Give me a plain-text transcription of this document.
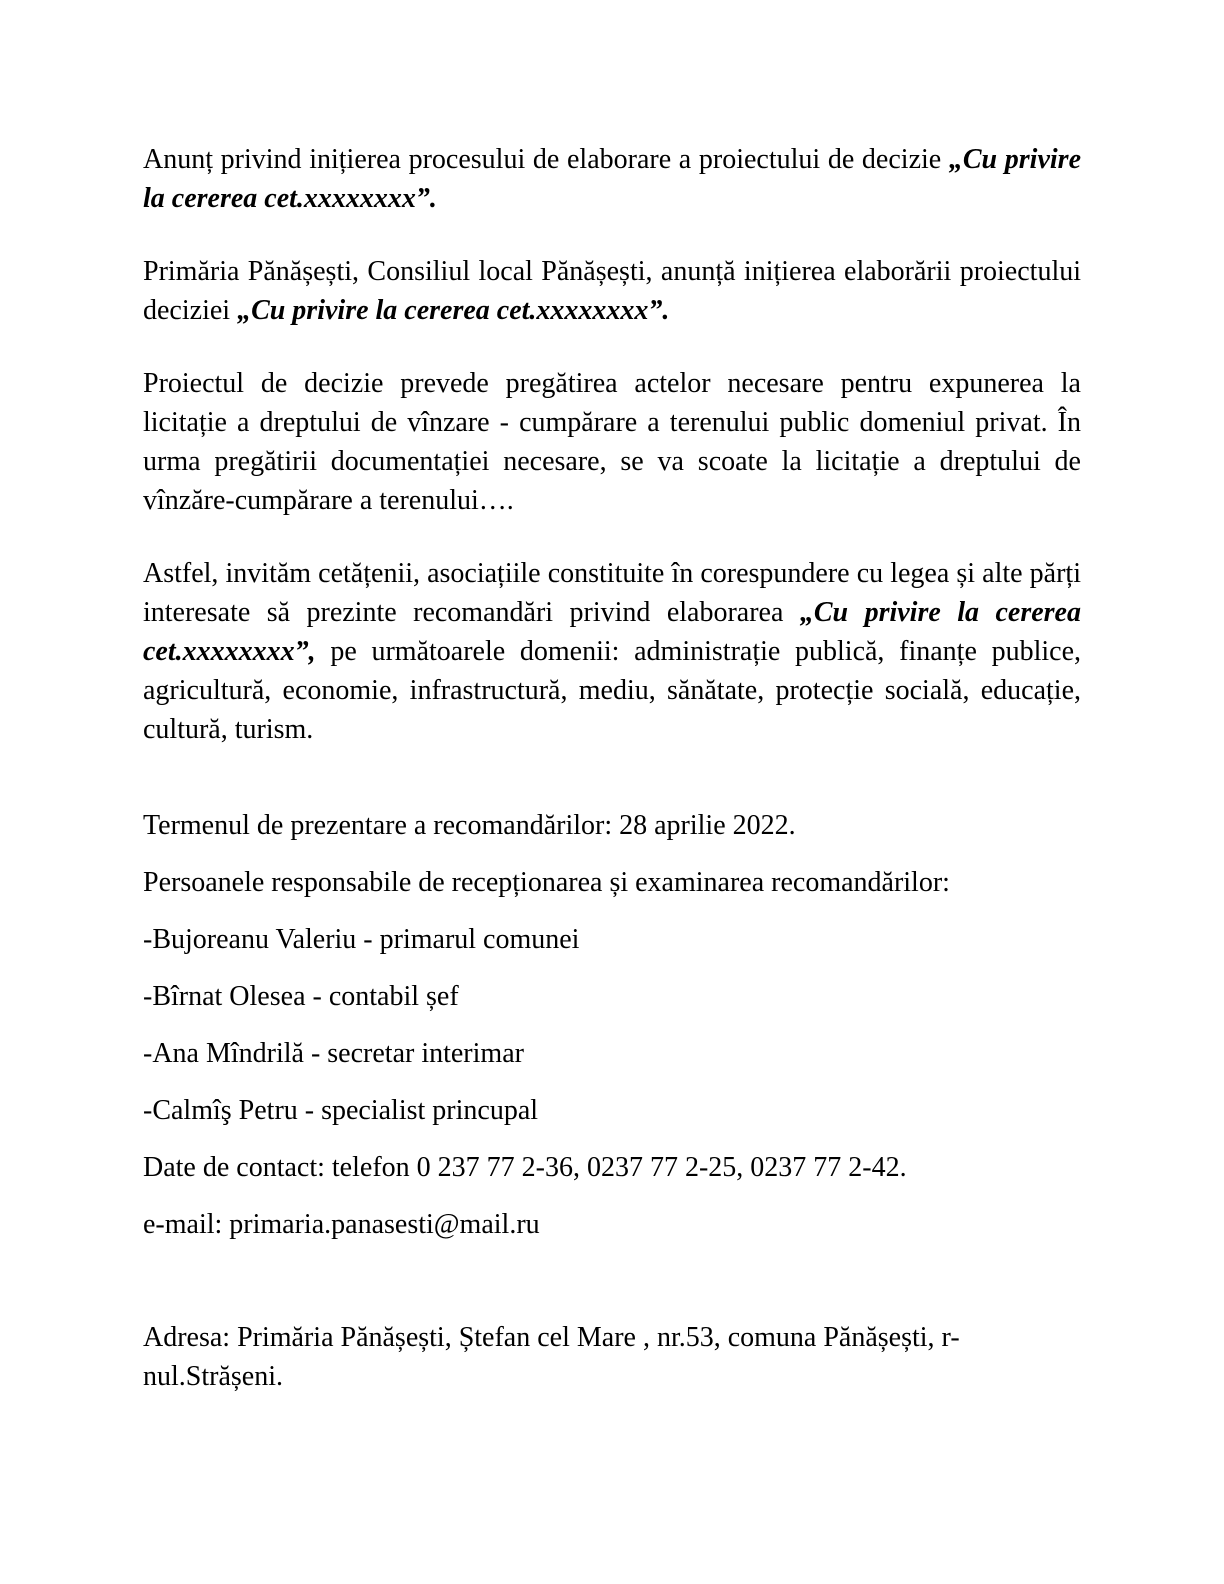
Anunț privind inițierea procesului de elaborare a proiectului de decizie „Cu privire la cererea cet.xxxxxxxx”.

Primăria Pănășești, Consiliul local Pănășești, anunță inițierea elaborării proiectului deciziei „Cu privire la cererea cet.xxxxxxxx”.

Proiectul de decizie prevede pregătirea actelor necesare pentru expunerea la licitație a dreptului de vînzare - cumpărare a terenului public domeniul privat. În urma pregătirii documentației necesare, se va scoate la licitație a dreptului de vînzăre-cumpărare a terenului….

Astfel, invităm cetățenii, asociațiile constituite în corespundere cu legea și alte părți interesate să prezinte recomandări privind elaborarea „Cu privire la cererea cet.xxxxxxxx”, pe următoarele domenii: administrație publică, finanțe publice, agricultură, economie, infrastructură, mediu, sănătate, protecție socială, educație, cultură, turism.

Termenul de prezentare a recomandărilor: 28 aprilie 2022.

Persoanele responsabile de recepționarea și examinarea recomandărilor:

-Bujoreanu Valeriu - primarul comunei

-Bîrnat Olesea - contabil șef

-Ana Mîndrilă - secretar interimar

-Calmîş Petru - specialist princupal

Date de contact: telefon 0 237 77 2-36, 0237 77 2-25, 0237 77 2-42.

e-mail: primaria.panasesti@mail.ru

Adresa: Primăria Pănășești, Ștefan cel Mare , nr.53, comuna Pănășești, r-nul.Strășeni.
